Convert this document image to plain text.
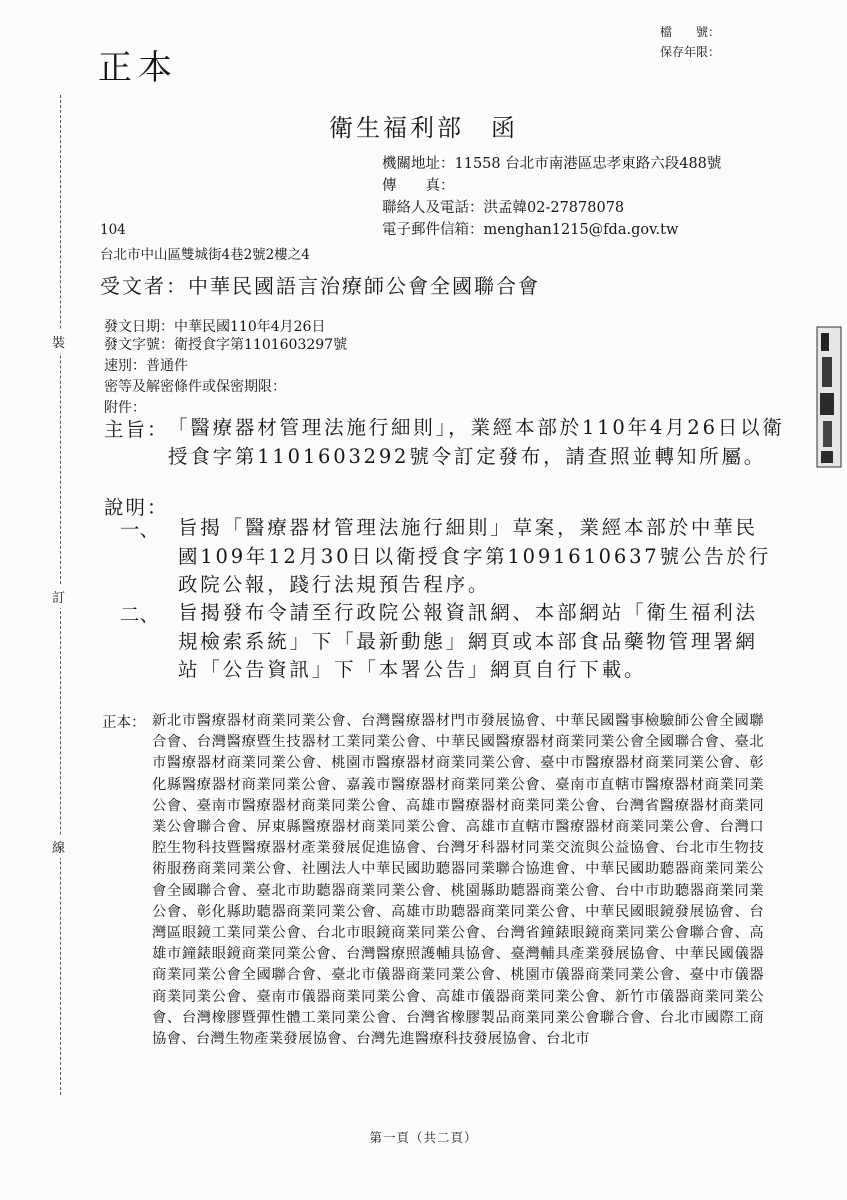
正本
檔　　號：
保存年限：
裝
訂
線
衛生福利部　函
機關地址：11558 台北市南港區忠孝東路六段488號
傳　　真：
聯絡人及電話：洪孟韓02-27878078
電子郵件信箱：menghan1215@fda.gov.tw
104
台北市中山區雙城街4巷2號2樓之4
受文者：中華民國語言治療師公會全國聯合會
發文日期：中華民國110年4月26日
發文字號：衛授食字第1101603297號
速別：普通件
密等及解密條件或保密期限：
附件：
主旨： 「醫療器材管理法施行細則」，業經本部於110年4月26日以衛授食字第1101603292號令訂定發布，請查照並轉知所屬。
說明：
一、 旨揭「醫療器材管理法施行細則」草案，業經本部於中華民國109年12月30日以衛授食字第1091610637號公告於行政院公報，踐行法規預告程序。
二、 旨揭發布令請至行政院公報資訊網、本部網站「衛生福利法規檢索系統」下「最新動態」網頁或本部食品藥物管理署網站「公告資訊」下「本署公告」網頁自行下載。
正本： 新北市醫療器材商業同業公會、台灣醫療器材門市發展協會、中華民國醫事檢驗師公會全國聯合會、台灣醫療暨生技器材工業同業公會、中華民國醫療器材商業同業公會全國聯合會、臺北市醫療器材商業同業公會、桃園市醫療器材商業同業公會、臺中市醫療器材商業同業公會、彰化縣醫療器材商業同業公會、嘉義市醫療器材商業同業公會、臺南市直轄市醫療器材商業同業公會、臺南市醫療器材商業同業公會、高雄市醫療器材商業同業公會、台灣省醫療器材商業同業公會聯合會、屏東縣醫療器材商業同業公會、高雄市直轄市醫療器材商業同業公會、台灣口腔生物科技暨醫療器材產業發展促進協會、台灣牙科器材同業交流與公益協會、台北市生物技術服務商業同業公會、社團法人中華民國助聽器同業聯合協進會、中華民國助聽器商業同業公會全國聯合會、臺北市助聽器商業同業公會、桃園縣助聽器商業公會、台中市助聽器商業同業公會、彰化縣助聽器商業同業公會、高雄市助聽器商業同業公會、中華民國眼鏡發展協會、台灣區眼鏡工業同業公會、台北市眼鏡商業同業公會、台灣省鐘錶眼鏡商業同業公會聯合會、高雄市鐘錶眼鏡商業同業公會、台灣醫療照護輔具協會、臺灣輔具產業發展協會、中華民國儀器商業同業公會全國聯合會、臺北市儀器商業同業公會、桃園市儀器商業同業公會、臺中市儀器商業同業公會、臺南市儀器商業同業公會、高雄市儀器商業同業公會、新竹市儀器商業同業公會、台灣橡膠暨彈性體工業同業公會、台灣省橡膠製品商業同業公會聯合會、台北市國際工商協會、台灣生物產業發展協會、台灣先進醫療科技發展協會、台北市
第一頁（共二頁）
